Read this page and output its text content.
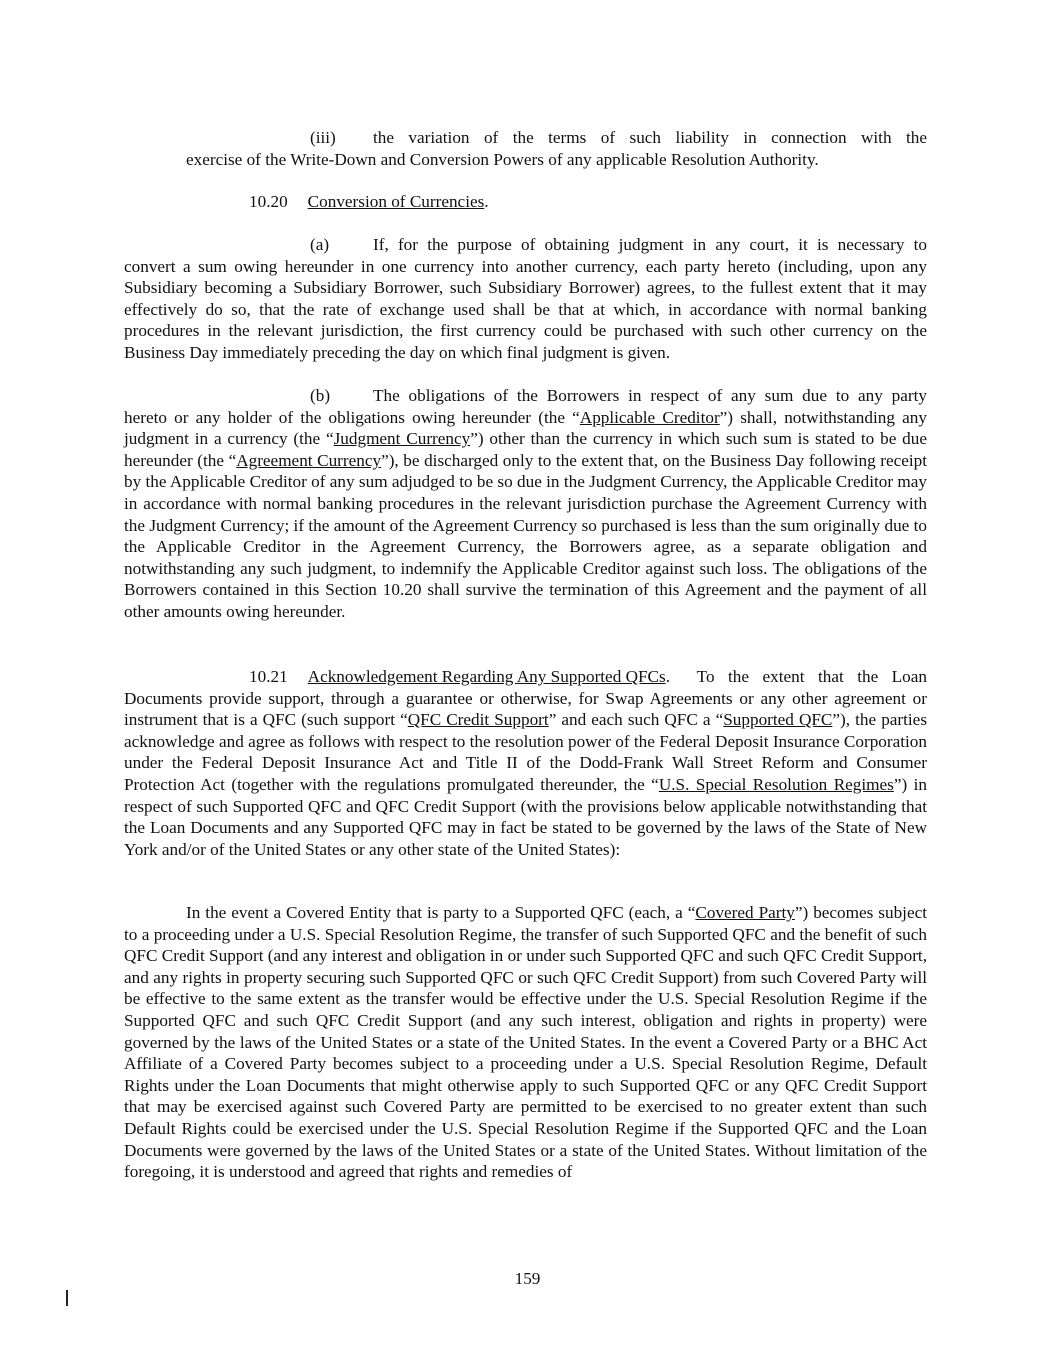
(iii)	the variation of the terms of such liability in connection with the
exercise of the Write-Down and Conversion Powers of any applicable Resolution Authority.
10.20 Conversion of Currencies.
(a)	If, for the purpose of obtaining judgment in any court, it is necessary to
convert a sum owing hereunder in one currency into another currency, each party hereto (including, upon any Subsidiary becoming a Subsidiary Borrower, such Subsidiary Borrower) agrees, to the fullest extent that it may effectively do so, that the rate of exchange used shall be that at which, in accordance with normal banking procedures in the relevant jurisdiction, the first currency could be purchased with such other currency on the Business Day immediately preceding the day on which final judgment is given.
(b)	The obligations of the Borrowers in respect of any sum due to any party
hereto or any holder of the obligations owing hereunder (the “Applicable Creditor”) shall, notwithstanding any judgment in a currency (the “Judgment Currency”) other than the currency in which such sum is stated to be due hereunder (the “Agreement Currency”), be discharged only to the extent that, on the Business Day following receipt by the Applicable Creditor of any sum adjudged to be so due in the Judgment Currency, the Applicable Creditor may in accordance with normal banking procedures in the relevant jurisdiction purchase the Agreement Currency with the Judgment Currency; if the amount of the Agreement Currency so purchased is less than the sum originally due to the Applicable Creditor in the Agreement Currency, the Borrowers agree, as a separate obligation and notwithstanding any such judgment, to indemnify the Applicable Creditor against such loss. The obligations of the Borrowers contained in this Section 10.20 shall survive the termination of this Agreement and the payment of all other amounts owing hereunder.
10.21 Acknowledgement Regarding Any Supported QFCs .  To the extent that the Loan
Documents provide support, through a guarantee or otherwise, for Swap Agreements or any other agreement or instrument that is a QFC (such support “QFC Credit Support” and each such QFC a “Supported QFC”), the parties acknowledge and agree as follows with respect to the resolution power of the Federal Deposit Insurance Corporation under the Federal Deposit Insurance Act and Title II of the Dodd-Frank Wall Street Reform and Consumer Protection Act (together with the regulations promulgated thereunder, the “U.S. Special Resolution Regimes”) in respect of such Supported QFC and QFC Credit Support (with the provisions below applicable notwithstanding that the Loan Documents and any Supported QFC may in fact be stated to be governed by the laws of the State of New York and/or of the United States or any other state of the United States):
In the event a Covered Entity that is party to a Supported QFC (each, a “Covered Party”) becomes subject to a proceeding under a U.S. Special Resolution Regime, the transfer of such Supported QFC and the benefit of such QFC Credit Support (and any interest and obligation in or under such Supported QFC and such QFC Credit Support, and any rights in property securing such Supported QFC or such QFC Credit Support) from such Covered Party will be effective to the same extent as the transfer would be effective under the U.S. Special Resolution Regime if the Supported QFC and such QFC Credit Support (and any such interest, obligation and rights in property) were governed by the laws of the United States or a state of the United States. In the event a Covered Party or a BHC Act Affiliate of a Covered Party becomes subject to a proceeding under a U.S. Special Resolution Regime, Default Rights under the Loan Documents that might otherwise apply to such Supported QFC or any QFC Credit Support that may be exercised against such Covered Party are permitted to be exercised to no greater extent than such Default Rights could be exercised under the U.S. Special Resolution Regime if the Supported QFC and the Loan Documents were governed by the laws of the United States or a state of the United States. Without limitation of the foregoing, it is understood and agreed that rights and remedies of
159
